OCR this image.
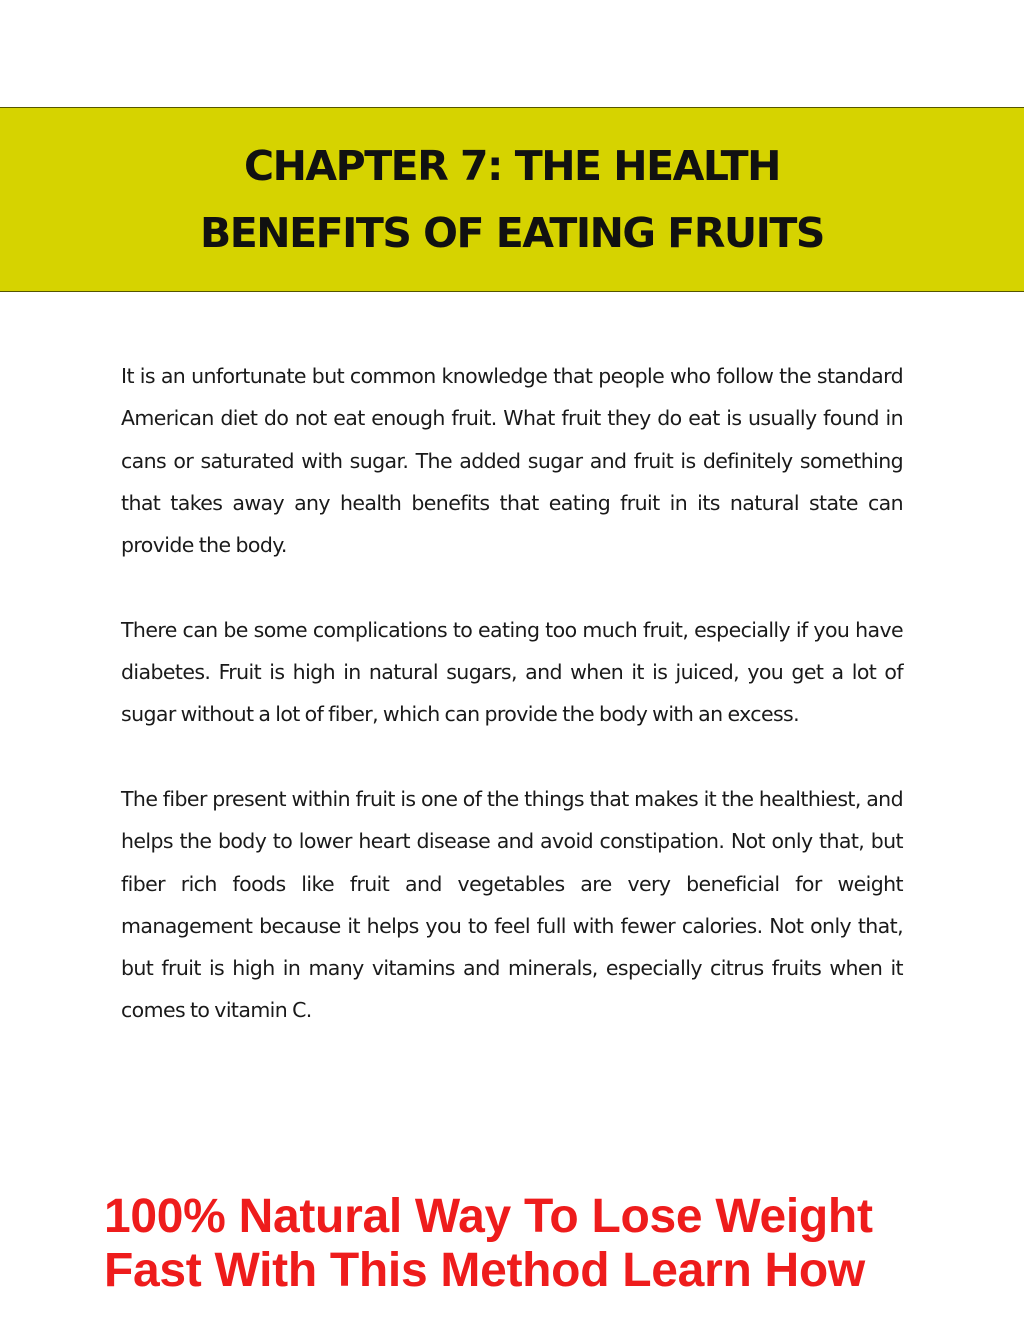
CHAPTER 7: THE HEALTH
BENEFITS OF EATING FRUITS

It is an unfortunate but common knowledge that people who follow the standard American diet do not eat enough fruit. What fruit they do eat is usually found in cans or saturated with sugar. The added sugar and fruit is definitely something that takes away any health benefits that eating fruit in its natural state can provide the body.

There can be some complications to eating too much fruit, especially if you have diabetes. Fruit is high in natural sugars, and when it is juiced, you get a lot of sugar without a lot of fiber, which can provide the body with an excess.

The fiber present within fruit is one of the things that makes it the healthiest, and helps the body to lower heart disease and avoid constipation. Not only that, but fiber rich foods like fruit and vegetables are very beneficial for weight management because it helps you to feel full with fewer calories. Not only that, but fruit is high in many vitamins and minerals, especially citrus fruits when it comes to vitamin C.

100% Natural Way To Lose Weight
Fast With This Method Learn How
